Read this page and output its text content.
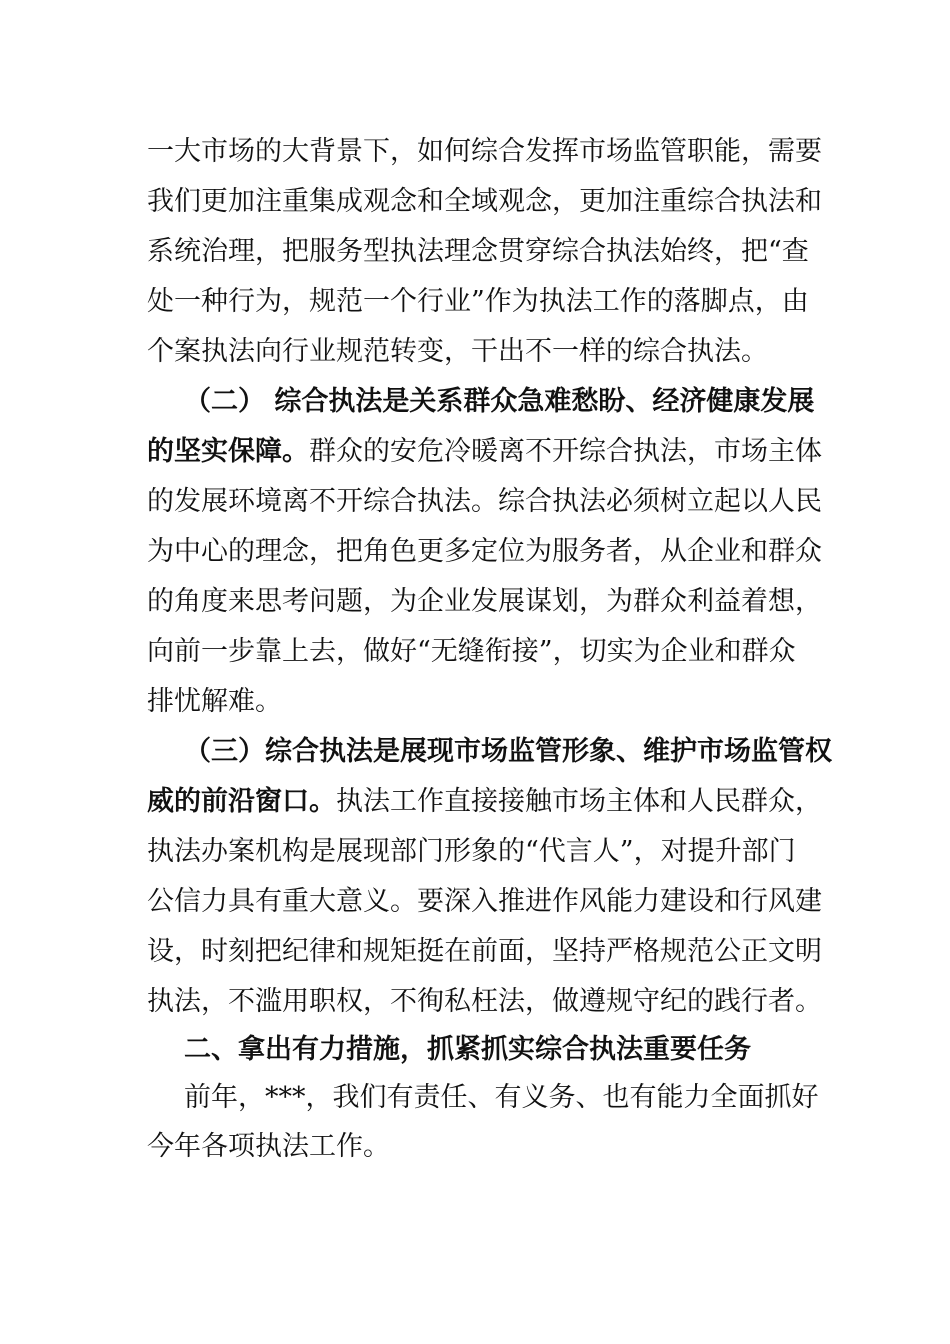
一大市场的大背景下，如何综合发挥市场监管职能，需要
我们更加注重集成观念和全域观念，更加注重综合执法和
系统治理，把服务型执法理念贯穿综合执法始终，把“查
处一种行为，规范一个行业”作为执法工作的落脚点，由
个案执法向行业规范转变，干出不一样的综合执法。
（二） 综合执法是关系群众急难愁盼、经济健康发展
的坚实保障。群众的安危冷暖离不开综合执法，市场主体
的发展环境离不开综合执法。综合执法必须树立起以人民
为中心的理念，把角色更多定位为服务者，从企业和群众
的角度来思考问题，为企业发展谋划，为群众利益着想，
向前一步靠上去，做好“无缝衔接”，切实为企业和群众
排忧解难。
（三）综合执法是展现市场监管形象、维护市场监管权
威的前沿窗口。执法工作直接接触市场主体和人民群众，
执法办案机构是展现部门形象的“代言人”，对提升部门
公信力具有重大意义。要深入推进作风能力建设和行风建
设，时刻把纪律和规矩挺在前面，坚持严格规范公正文明
执法，不滥用职权，不徇私枉法，做遵规守纪的践行者。
二、拿出有力措施，抓紧抓实综合执法重要任务
前年，***，我们有责任、有义务、也有能力全面抓好
今年各项执法工作。
